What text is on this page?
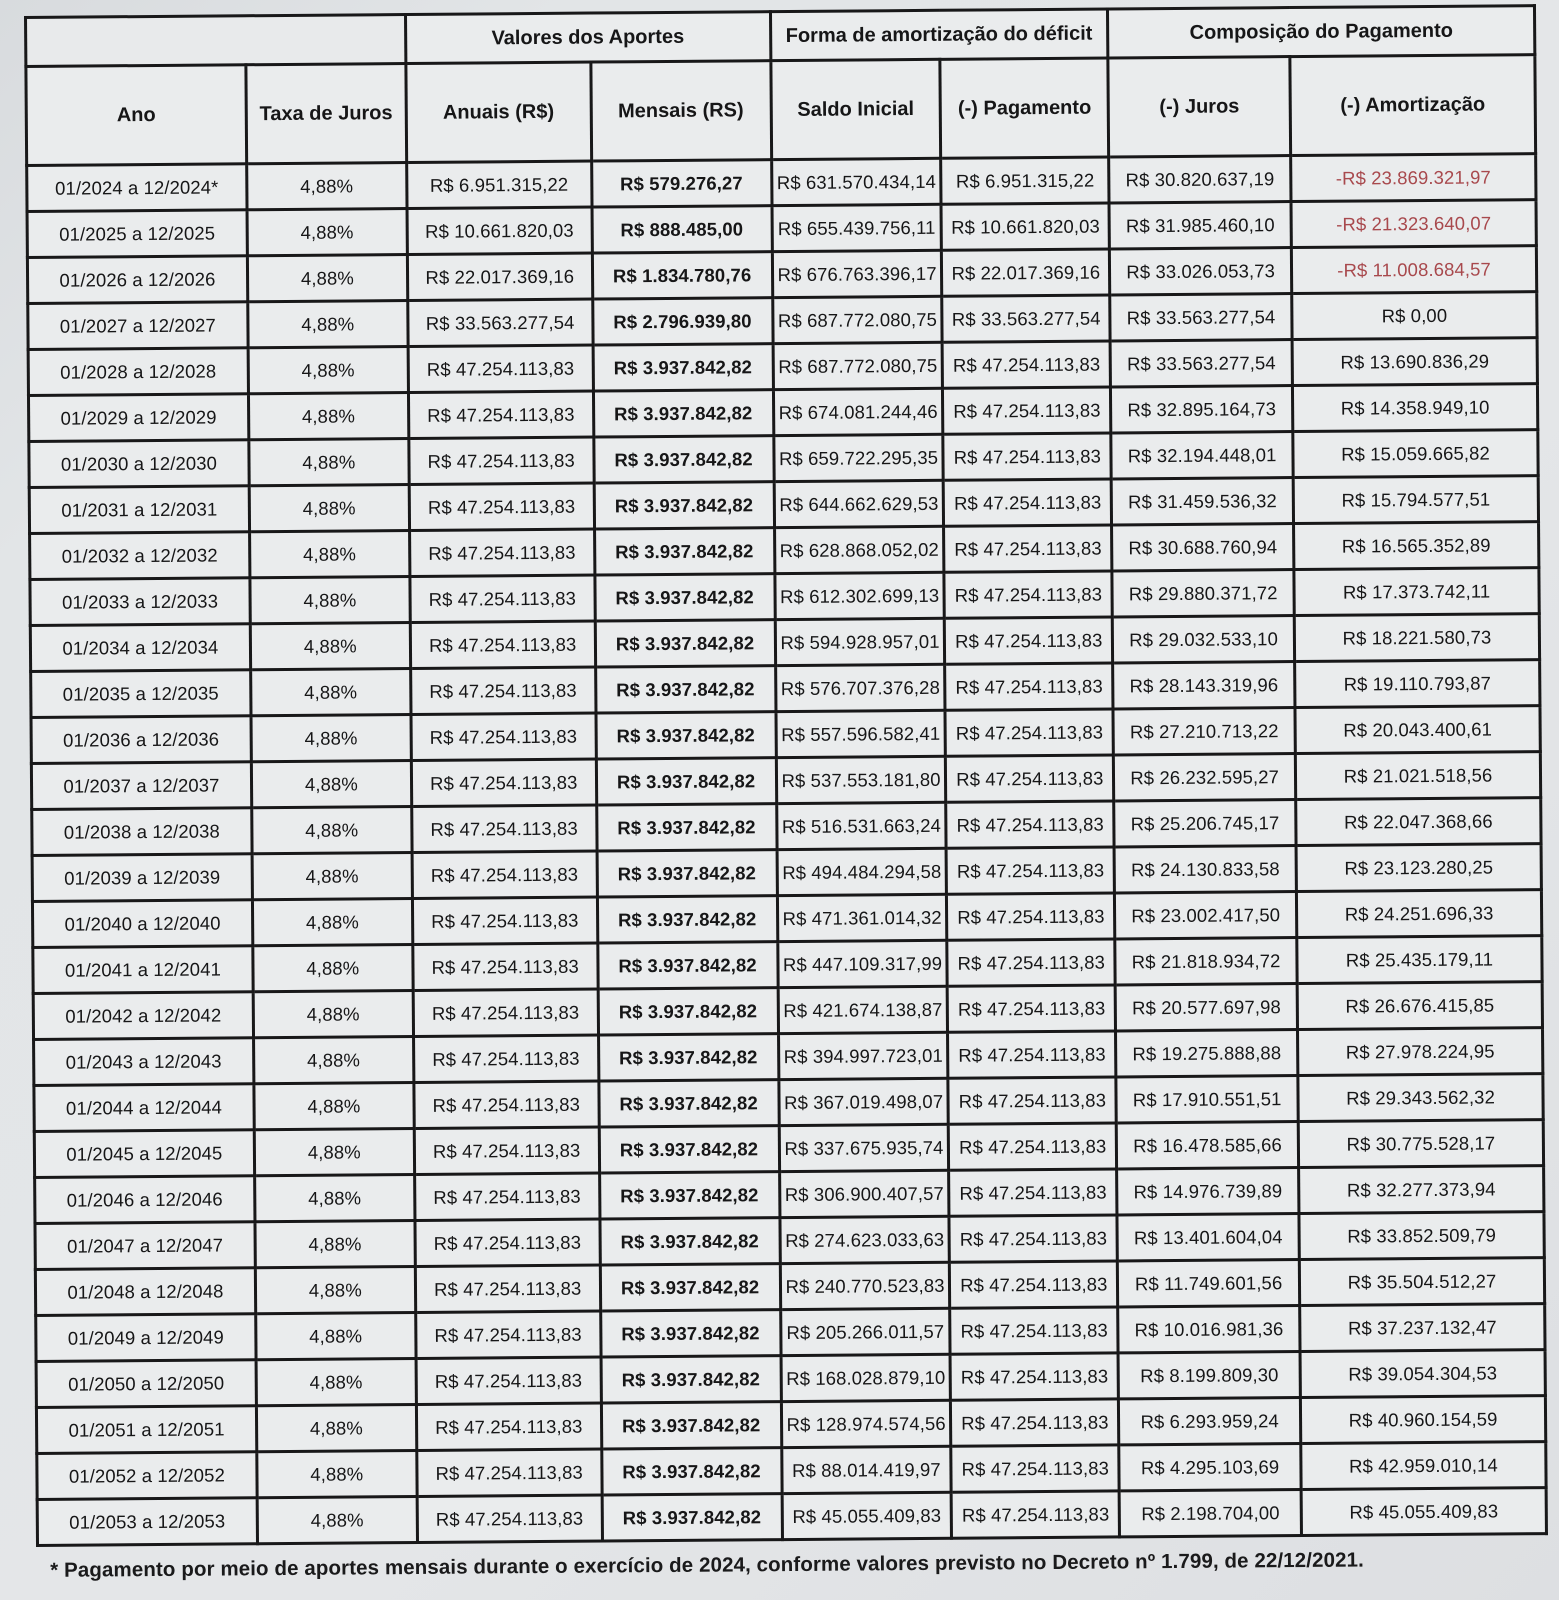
		Valores dos Aportes		Forma de amortização do déficit		Composição do Pagamento	
Ano	Taxa de Juros	Anuais (R$)	Mensais (RS)	Saldo Inicial	(-) Pagamento	(-) Juros	(-) Amortização
01/2024 a 12/2024*	4,88%	R$ 6.951.315,22	R$ 579.276,27	R$ 631.570.434,14	R$ 6.951.315,22	R$ 30.820.637,19	-R$ 23.869.321,97
01/2025 a 12/2025	4,88%	R$ 10.661.820,03	R$ 888.485,00	R$ 655.439.756,11	R$ 10.661.820,03	R$ 31.985.460,10	-R$ 21.323.640,07
01/2026 a 12/2026	4,88%	R$ 22.017.369,16	R$ 1.834.780,76	R$ 676.763.396,17	R$ 22.017.369,16	R$ 33.026.053,73	-R$ 11.008.684,57
01/2027 a 12/2027	4,88%	R$ 33.563.277,54	R$ 2.796.939,80	R$ 687.772.080,75	R$ 33.563.277,54	R$ 33.563.277,54	R$ 0,00
01/2028 a 12/2028	4,88%	R$ 47.254.113,83	R$ 3.937.842,82	R$ 687.772.080,75	R$ 47.254.113,83	R$ 33.563.277,54	R$ 13.690.836,29
01/2029 a 12/2029	4,88%	R$ 47.254.113,83	R$ 3.937.842,82	R$ 674.081.244,46	R$ 47.254.113,83	R$ 32.895.164,73	R$ 14.358.949,10
01/2030 a 12/2030	4,88%	R$ 47.254.113,83	R$ 3.937.842,82	R$ 659.722.295,35	R$ 47.254.113,83	R$ 32.194.448,01	R$ 15.059.665,82
01/2031 a 12/2031	4,88%	R$ 47.254.113,83	R$ 3.937.842,82	R$ 644.662.629,53	R$ 47.254.113,83	R$ 31.459.536,32	R$ 15.794.577,51
01/2032 a 12/2032	4,88%	R$ 47.254.113,83	R$ 3.937.842,82	R$ 628.868.052,02	R$ 47.254.113,83	R$ 30.688.760,94	R$ 16.565.352,89
01/2033 a 12/2033	4,88%	R$ 47.254.113,83	R$ 3.937.842,82	R$ 612.302.699,13	R$ 47.254.113,83	R$ 29.880.371,72	R$ 17.373.742,11
01/2034 a 12/2034	4,88%	R$ 47.254.113,83	R$ 3.937.842,82	R$ 594.928.957,01	R$ 47.254.113,83	R$ 29.032.533,10	R$ 18.221.580,73
01/2035 a 12/2035	4,88%	R$ 47.254.113,83	R$ 3.937.842,82	R$ 576.707.376,28	R$ 47.254.113,83	R$ 28.143.319,96	R$ 19.110.793,87
01/2036 a 12/2036	4,88%	R$ 47.254.113,83	R$ 3.937.842,82	R$ 557.596.582,41	R$ 47.254.113,83	R$ 27.210.713,22	R$ 20.043.400,61
01/2037 a 12/2037	4,88%	R$ 47.254.113,83	R$ 3.937.842,82	R$ 537.553.181,80	R$ 47.254.113,83	R$ 26.232.595,27	R$ 21.021.518,56
01/2038 a 12/2038	4,88%	R$ 47.254.113,83	R$ 3.937.842,82	R$ 516.531.663,24	R$ 47.254.113,83	R$ 25.206.745,17	R$ 22.047.368,66
01/2039 a 12/2039	4,88%	R$ 47.254.113,83	R$ 3.937.842,82	R$ 494.484.294,58	R$ 47.254.113,83	R$ 24.130.833,58	R$ 23.123.280,25
01/2040 a 12/2040	4,88%	R$ 47.254.113,83	R$ 3.937.842,82	R$ 471.361.014,32	R$ 47.254.113,83	R$ 23.002.417,50	R$ 24.251.696,33
01/2041 a 12/2041	4,88%	R$ 47.254.113,83	R$ 3.937.842,82	R$ 447.109.317,99	R$ 47.254.113,83	R$ 21.818.934,72	R$ 25.435.179,11
01/2042 a 12/2042	4,88%	R$ 47.254.113,83	R$ 3.937.842,82	R$ 421.674.138,87	R$ 47.254.113,83	R$ 20.577.697,98	R$ 26.676.415,85
01/2043 a 12/2043	4,88%	R$ 47.254.113,83	R$ 3.937.842,82	R$ 394.997.723,01	R$ 47.254.113,83	R$ 19.275.888,88	R$ 27.978.224,95
01/2044 a 12/2044	4,88%	R$ 47.254.113,83	R$ 3.937.842,82	R$ 367.019.498,07	R$ 47.254.113,83	R$ 17.910.551,51	R$ 29.343.562,32
01/2045 a 12/2045	4,88%	R$ 47.254.113,83	R$ 3.937.842,82	R$ 337.675.935,74	R$ 47.254.113,83	R$ 16.478.585,66	R$ 30.775.528,17
01/2046 a 12/2046	4,88%	R$ 47.254.113,83	R$ 3.937.842,82	R$ 306.900.407,57	R$ 47.254.113,83	R$ 14.976.739,89	R$ 32.277.373,94
01/2047 a 12/2047	4,88%	R$ 47.254.113,83	R$ 3.937.842,82	R$ 274.623.033,63	R$ 47.254.113,83	R$ 13.401.604,04	R$ 33.852.509,79
01/2048 a 12/2048	4,88%	R$ 47.254.113,83	R$ 3.937.842,82	R$ 240.770.523,83	R$ 47.254.113,83	R$ 11.749.601,56	R$ 35.504.512,27
01/2049 a 12/2049	4,88%	R$ 47.254.113,83	R$ 3.937.842,82	R$ 205.266.011,57	R$ 47.254.113,83	R$ 10.016.981,36	R$ 37.237.132,47
01/2050 a 12/2050	4,88%	R$ 47.254.113,83	R$ 3.937.842,82	R$ 168.028.879,10	R$ 47.254.113,83	R$ 8.199.809,30	R$ 39.054.304,53
01/2051 a 12/2051	4,88%	R$ 47.254.113,83	R$ 3.937.842,82	R$ 128.974.574,56	R$ 47.254.113,83	R$ 6.293.959,24	R$ 40.960.154,59
01/2052 a 12/2052	4,88%	R$ 47.254.113,83	R$ 3.937.842,82	R$ 88.014.419,97	R$ 47.254.113,83	R$ 4.295.103,69	R$ 42.959.010,14
01/2053 a 12/2053	4,88%	R$ 47.254.113,83	R$ 3.937.842,82	R$ 45.055.409,83	R$ 47.254.113,83	R$ 2.198.704,00	R$ 45.055.409,83
* Pagamento por meio de aportes mensais durante o exercício de 2024, conforme valores previsto no Decreto nº 1.799, de 22/12/2021.
